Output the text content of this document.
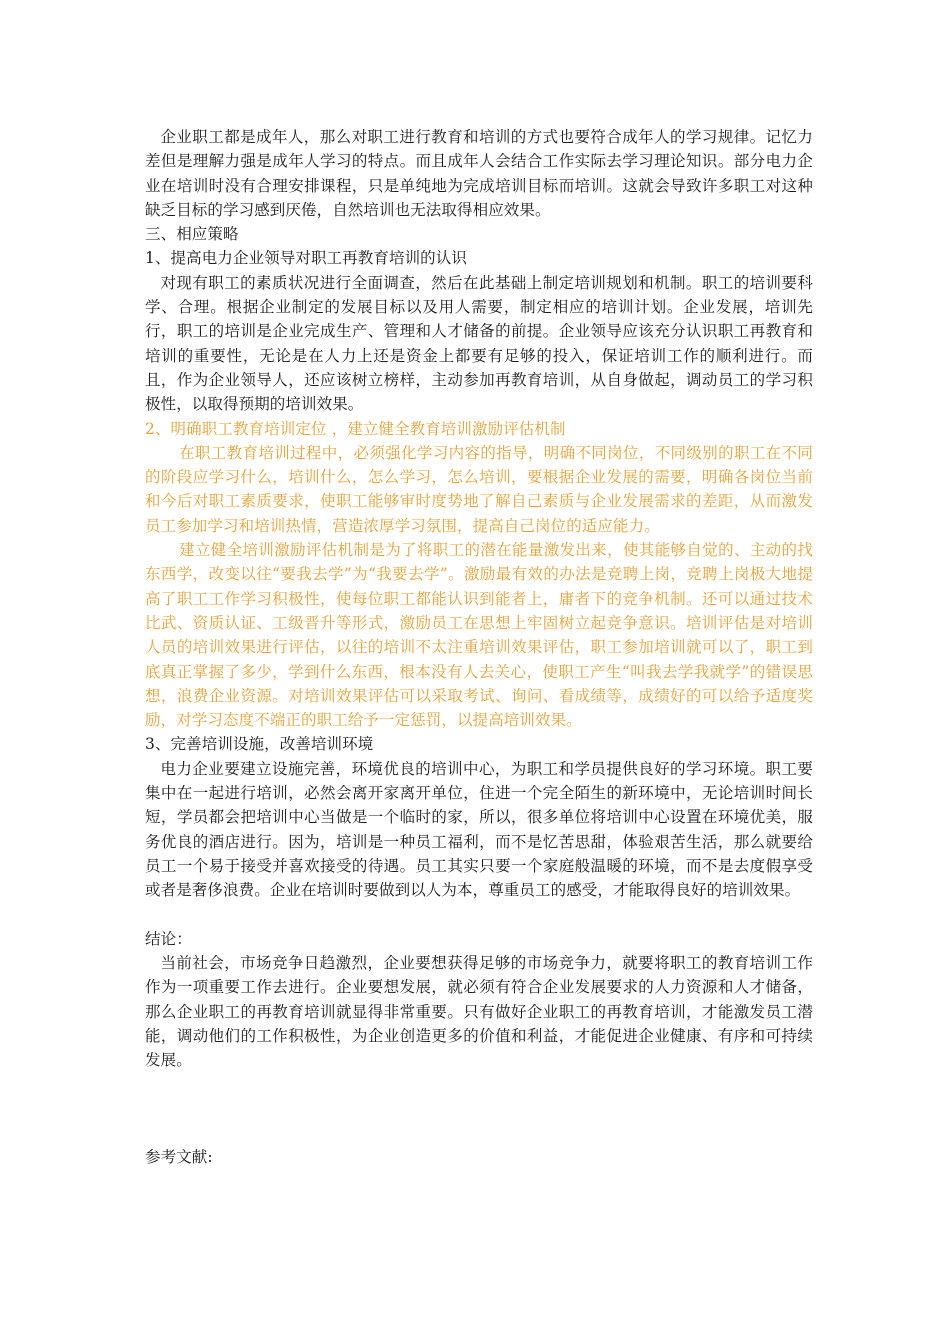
企业职工都是成年人，那么对职工进行教育和培训的方式也要符合成年人的学习规律。记忆力差但是理解力强是成年人学习的特点。而且成年人会结合工作实际去学习理论知识。部分电力企业在培训时没有合理安排课程，只是单纯地为完成培训目标而培训。这就会导致许多职工对这种缺乏目标的学习感到厌倦，自然培训也无法取得相应效果。

三、相应策略

1、提高电力企业领导对职工再教育培训的认识

对现有职工的素质状况进行全面调查，然后在此基础上制定培训规划和机制。职工的培训要科学、合理。根据企业制定的发展目标以及用人需要，制定相应的培训计划。企业发展，培训先行，职工的培训是企业完成生产、管理和人才储备的前提。企业领导应该充分认识职工再教育和培训的重要性，无论是在人力上还是资金上都要有足够的投入，保证培训工作的顺利进行。而且，作为企业领导人，还应该树立榜样，主动参加再教育培训，从自身做起，调动员工的学习积极性，以取得预期的培训效果。

2、明确职工教育培训定位 ，建立健全教育培训激励评估机制

在职工教育培训过程中，必须强化学习内容的指导，明确不同岗位，不同级别的职工在不同的阶段应学习什么，培训什么，怎么学习，怎么培训，要根据企业发展的需要，明确各岗位当前和今后对职工素质要求，使职工能够审时度势地了解自己素质与企业发展需求的差距，从而激发员工参加学习和培训热情，营造浓厚学习氛围，提高自己岗位的适应能力。

建立健全培训激励评估机制是为了将职工的潜在能量激发出来，使其能够自觉的、主动的找东西学，改变以往“要我去学”为“我要去学”。激励最有效的办法是竞聘上岗，竞聘上岗极大地提高了职工工作学习积极性，使每位职工都能认识到能者上，庸者下的竞争机制。还可以通过技术比武、资质认证、工级晋升等形式，激励员工在思想上牢固树立起竞争意识。培训评估是对培训人员的培训效果进行评估，以往的培训不太注重培训效果评估，职工参加培训就可以了，职工到底真正掌握了多少，学到什么东西，根本没有人去关心，使职工产生“叫我去学我就学”的错误思想，浪费企业资源。对培训效果评估可以采取考试、询问、看成绩等，成绩好的可以给予适度奖励，对学习态度不端正的职工给予一定惩罚，以提高培训效果。

3、完善培训设施，改善培训环境

电力企业要建立设施完善，环境优良的培训中心，为职工和学员提供良好的学习环境。职工要集中在一起进行培训，必然会离开家离开单位，住进一个完全陌生的新环境中，无论培训时间长短，学员都会把培训中心当做是一个临时的家，所以，很多单位将培训中心设置在环境优美，服务优良的酒店进行。因为，培训是一种员工福利，而不是忆苦思甜，体验艰苦生活，那么就要给员工一个易于接受并喜欢接受的待遇。员工其实只要一个家庭般温暖的环境，而不是去度假享受或者是奢侈浪费。企业在培训时要做到以人为本，尊重员工的感受，才能取得良好的培训效果。

结论：

当前社会，市场竞争日趋激烈，企业要想获得足够的市场竞争力，就要将职工的教育培训工作作为一项重要工作去进行。企业要想发展，就必须有符合企业发展要求的人力资源和人才储备，那么企业职工的再教育培训就显得非常重要。只有做好企业职工的再教育培训，才能激发员工潜能，调动他们的工作积极性，为企业创造更多的价值和利益，才能促进企业健康、有序和可持续发展。

参考文献:
